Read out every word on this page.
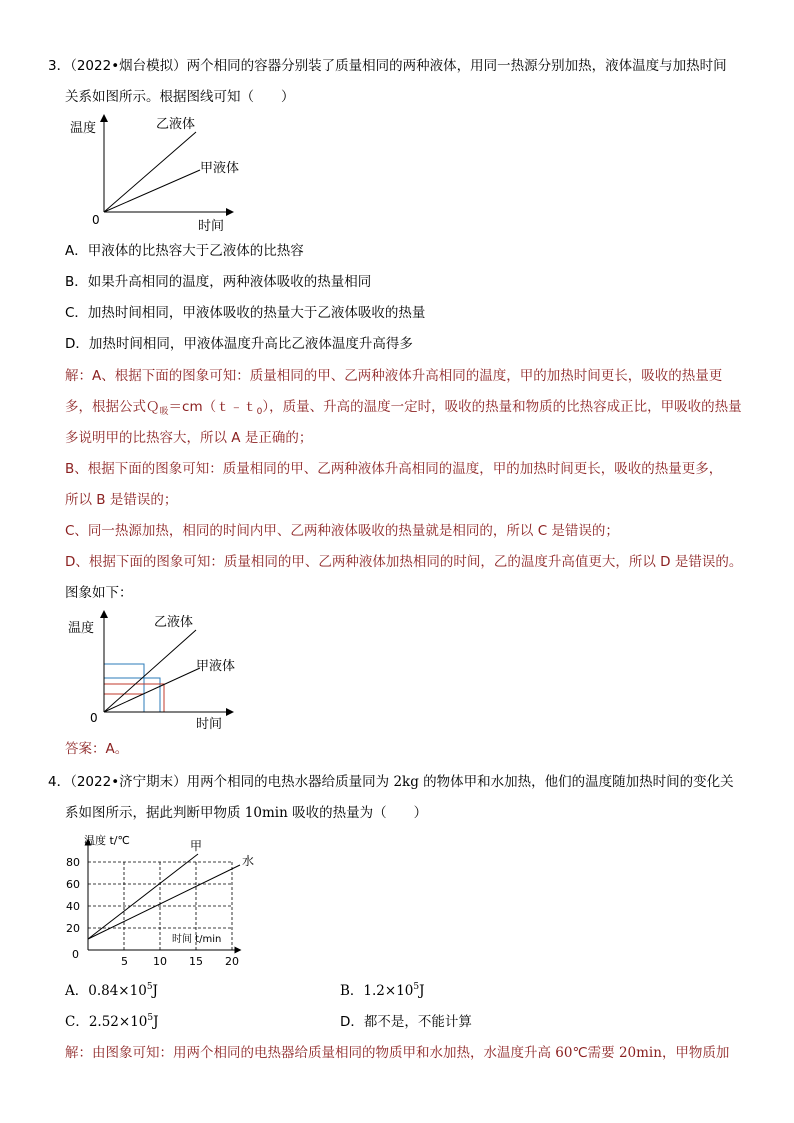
3．（2022•烟台模拟）两个相同的容器分别装了质量相同的两种液体，用同一热源分别加热，液体温度与加热时间
关系如图所示。根据图线可知（　　）
温度
时间
0
乙液体
甲液体
A．甲液体的比热容大于乙液体的比热容
B．如果升高相同的温度，两种液体吸收的热量相同
C．加热时间相同，甲液体吸收的热量大于乙液体吸收的热量
D．加热时间相同，甲液体温度升高比乙液体温度升高得多
解：A、根据下面的图象可知：质量相同的甲、乙两种液体升高相同的温度，甲的加热时间更长，吸收的热量更
多，根据公式Ｑ$_吸$＝cm（ｔ﹣ｔ$_0$），质量、升高的温度一定时，吸收的热量和物质的比热容成正比，甲吸收的热量
多说明甲的比热容大，所以 A 是正确的；
B、根据下面的图象可知：质量相同的甲、乙两种液体升高相同的温度，甲的加热时间更长，吸收的热量更多，
所以 B 是错误的；
C、同一热源加热，相同的时间内甲、乙两种液体吸收的热量就是相同的，所以 C 是错误的；
D、根据下面的图象可知：质量相同的甲、乙两种液体加热相同的时间，乙的温度升高值更大，所以 D 是错误的。
图象如下：
温度
时间
0
乙液体
甲液体
答案：A。
4．（2022•济宁期末）用两个相同的电热水器给质量同为 2kg 的物体甲和水加热，他们的温度随加热时间的变化关
系如图所示，据此判断甲物质 10min 吸收的热量为（　　）
80
60
40
20
5 10 15 20
甲
水
温度 t/℃
时间 t/min
0
A．$0.84\times 10^5J$	B．$1.2\times 10^5J$
C．$2.52\times 10^5J$	D．都不是，不能计算
解：由图象可知：用两个相同的电热器给质量相同的物质甲和水加热，水温度升高 60℃需要 20min，甲物质加
